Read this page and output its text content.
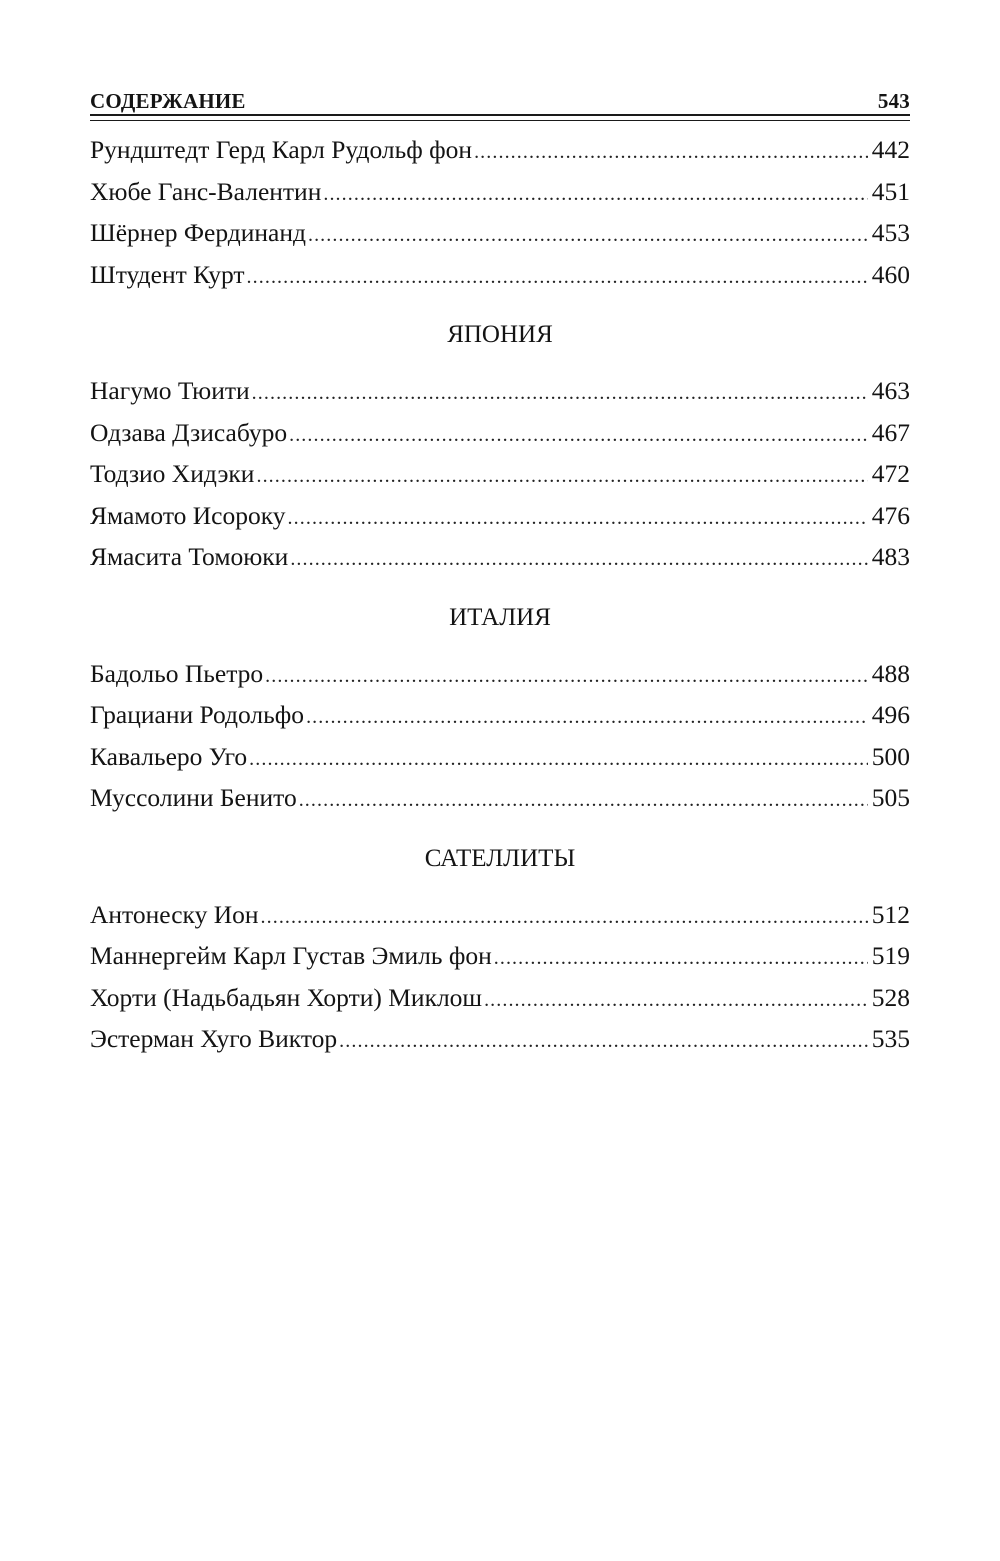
СОДЕРЖАНИЕ	543
Рундштедт Герд Карл Рудольф фон .....	442
Хюбе Ганс-Валентин .....	451
Шёрнер Фердинанд .....	453
Штудент Курт .....	460
ЯПОНИЯ
Нагумо Тюити .....	463
Одзава Дзисабуро .....	467
Тодзио Хидэки .....	472
Ямамото Исороку .....	476
Ямасита Томоюки .....	483
ИТАЛИЯ
Бадольо Пьетро .....	488
Грациани Родольфо .....	496
Кавальеро Уго .....	500
Муссолини Бенито .....	505
САТЕЛЛИТЫ
Антонеску Ион .....	512
Маннергейм Карл Густав Эмиль фон .....	519
Хорти (Надьбадьян Хорти) Миклош .....	528
Эстерман Хуго Виктор .....	535
